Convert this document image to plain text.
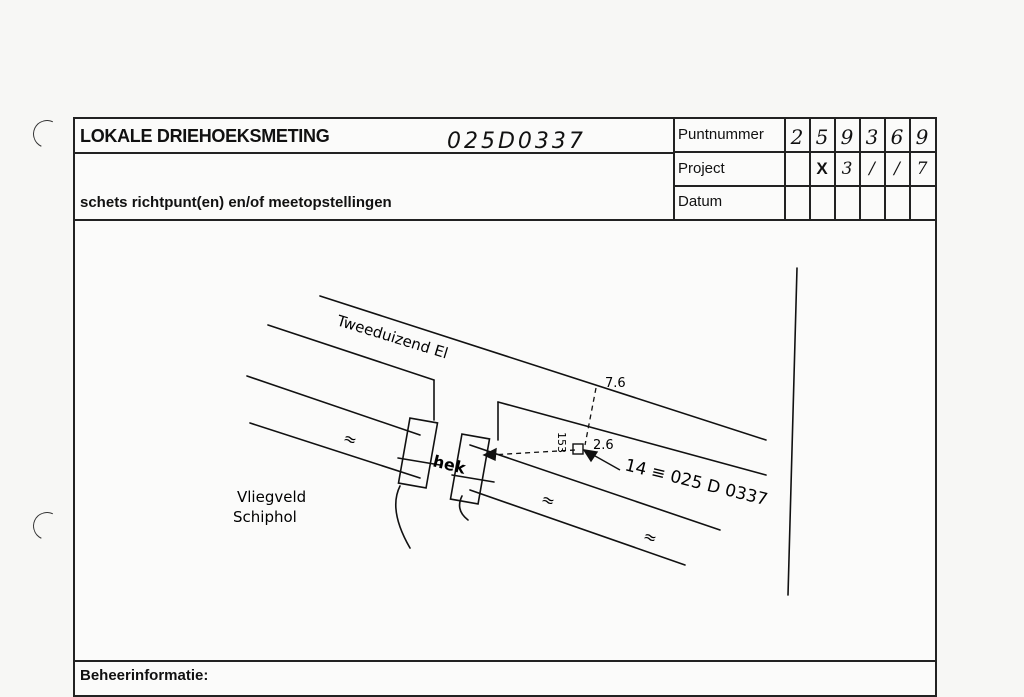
LOKALE DRIEHOEKSMETING	025D0337
schets richtpunt(en) en/of meetopstellingen
Puntnummer
Project
Datum
2 5 9 3 6 9
X 3 /	/ 7
Beheerinformatie:
Tweeduizend El
hek
Vliegveld
Schiphol
7.6
2.6
153
14 ≡ 025 D 0337
≈
≈
≈
